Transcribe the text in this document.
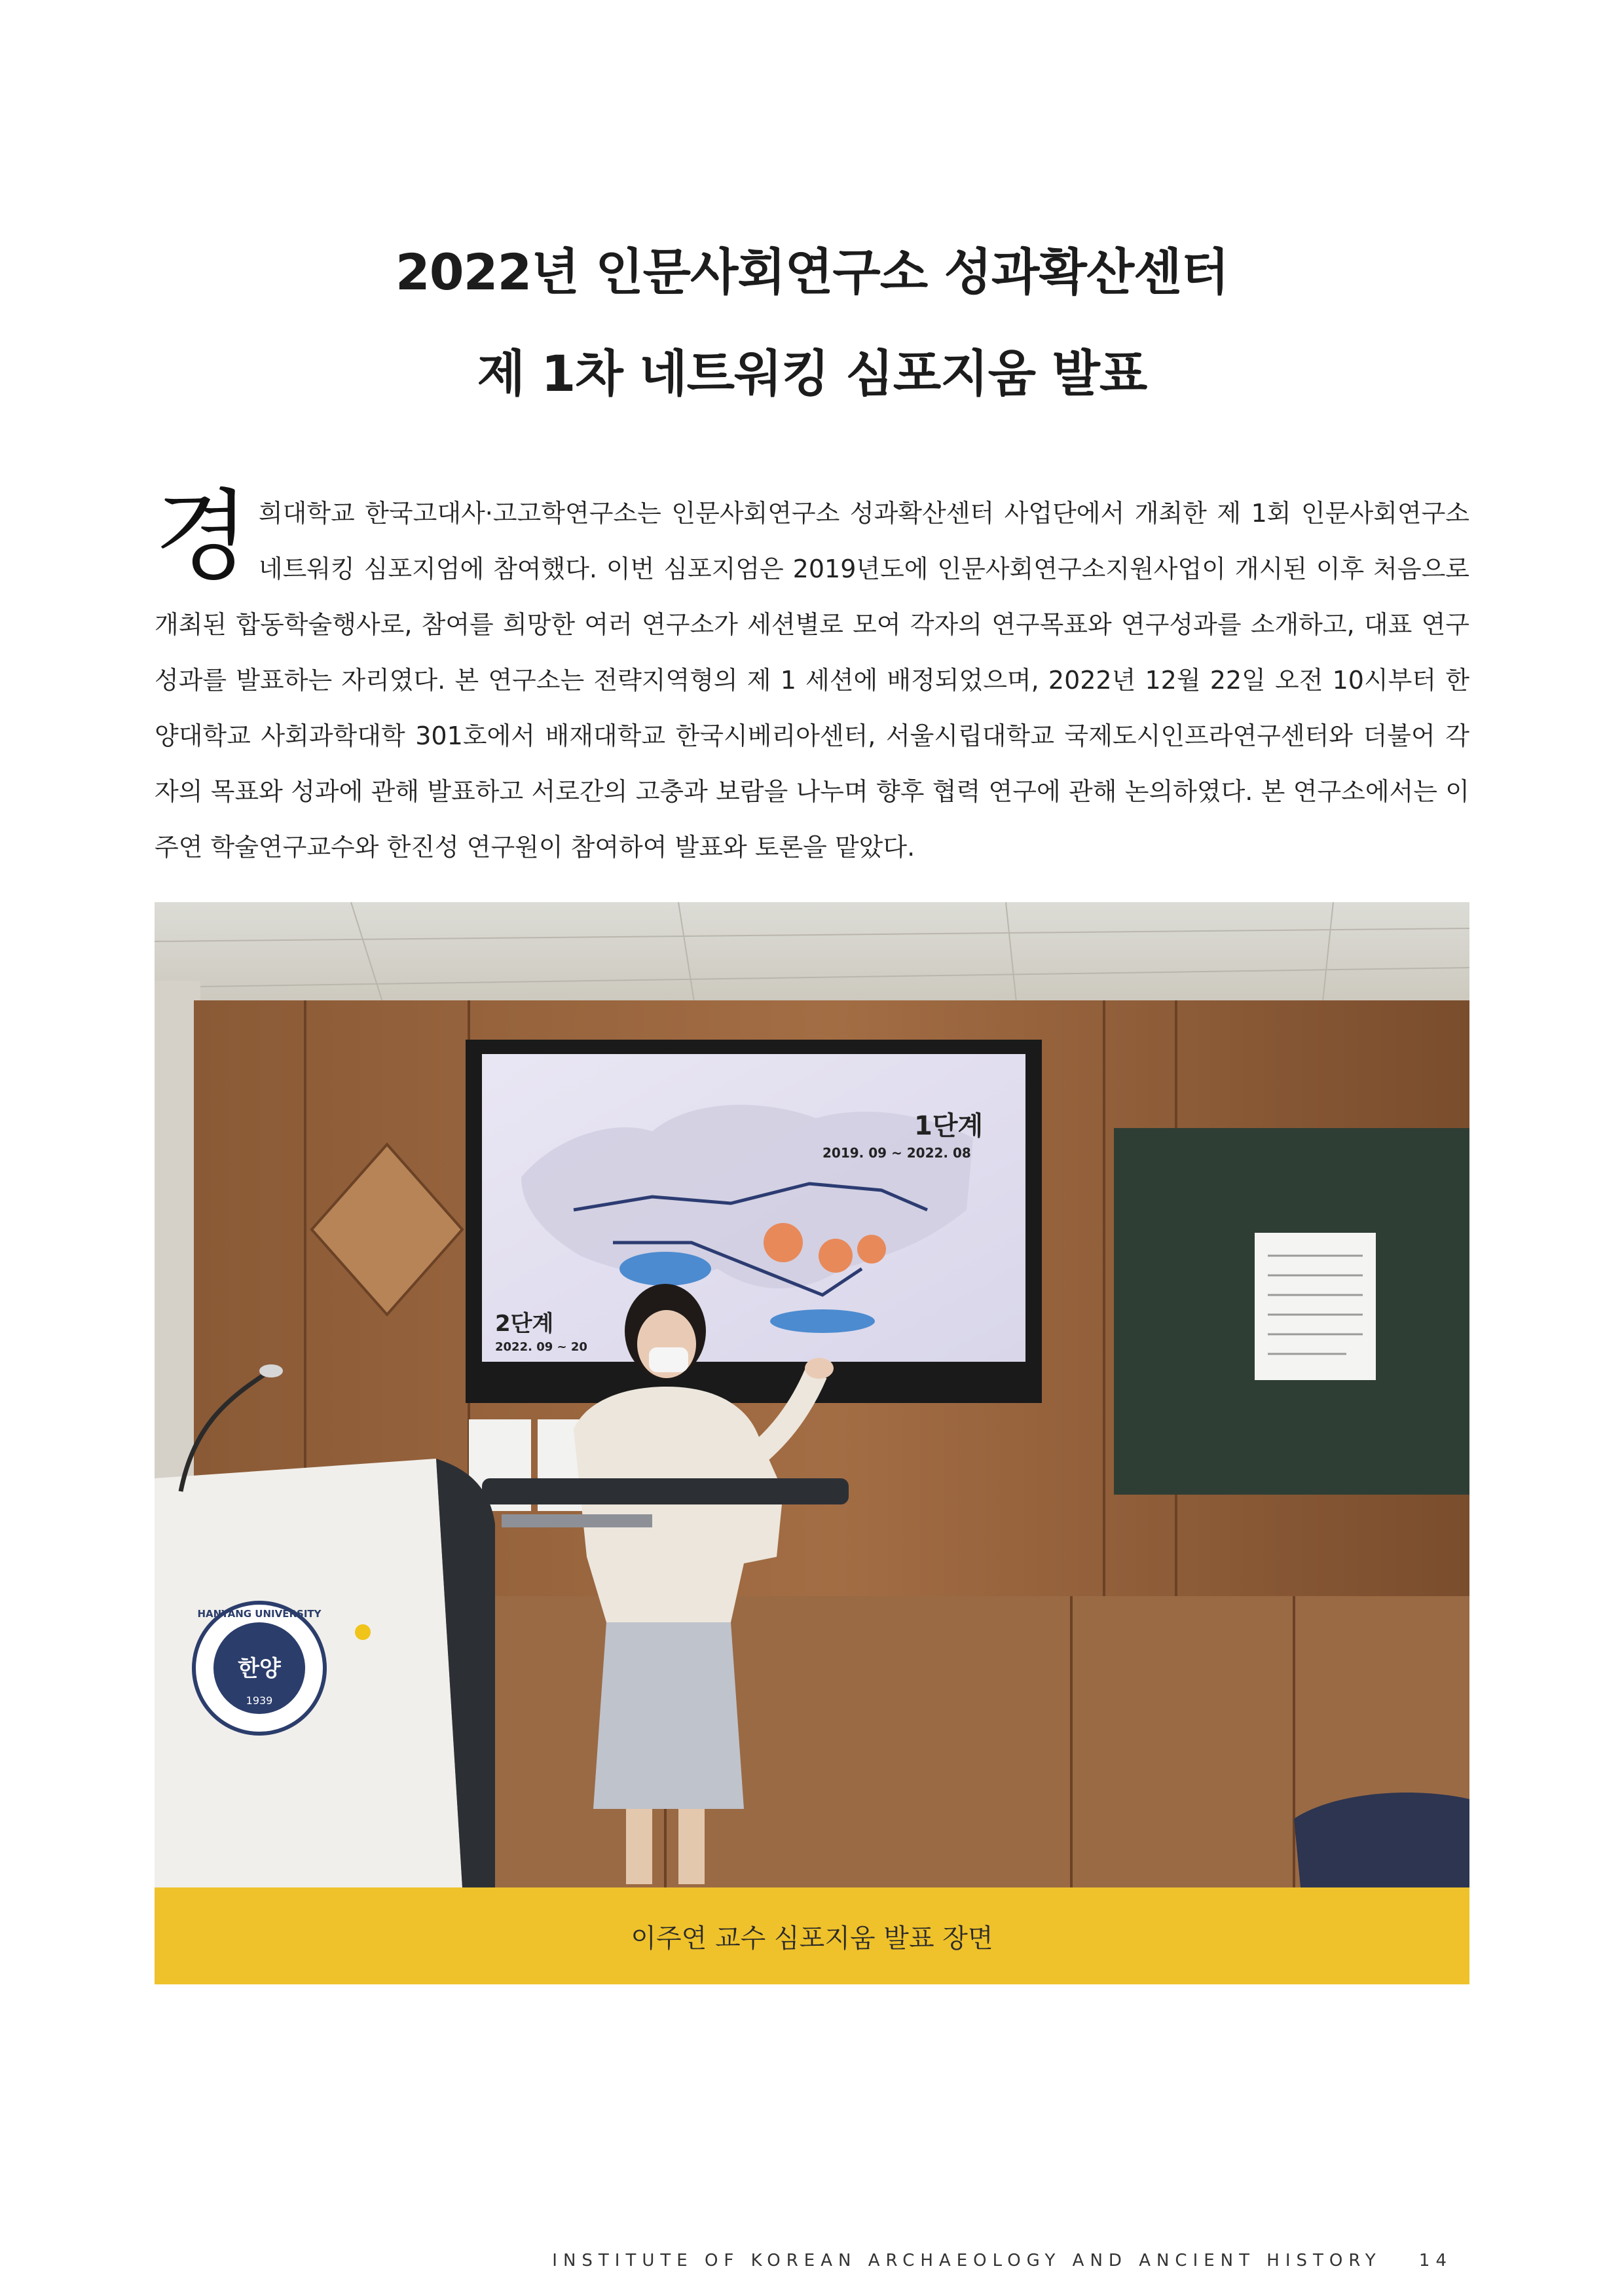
2022년 인문사회연구소 성과확산센터
제 1차 네트워킹 심포지움 발표
경 희대학교 한국고대사·고고학연구소는 인문사회연구소 성과확산센터 사업단에서 개최한 제 1회 인문사회연구소 네트워킹 심포지엄에 참여했다. 이번 심포지엄은 2019년도에 인문사회연구소지원사업이 개시된 이후 처음으로 개최된 합동학술행사로, 참여를 희망한 여러 연구소가 세션별로 모여 각자의 연구목표와 연구성과를 소개하고, 대표 연구성과를 발표하는 자리였다. 본 연구소는 전략지역형의 제 1 세션에 배정되었으며, 2022년 12월 22일 오전 10시부터 한양대학교 사회과학대학 301호에서 배재대학교 한국시베리아센터, 서울시립대학교 국제도시인프라연구센터와 더불어 각자의 목표와 성과에 관해 발표하고 서로간의 고충과 보람을 나누며 향후 협력 연구에 관해 논의하였다. 본 연구소에서는 이주연 학술연구교수와 한진성 연구원이 참여하여 발표와 토론을 맡았다.
1단계
2019. 09 ~ 2022. 08
2단계
2022. 09 ~ 20
HANYANG UNIVERSITY
한양
1939
이주연 교수 심포지움 발표 장면
INSTITUTE OF KOREAN ARCHAEOLOGY AND ANCIENT HISTORY 14
